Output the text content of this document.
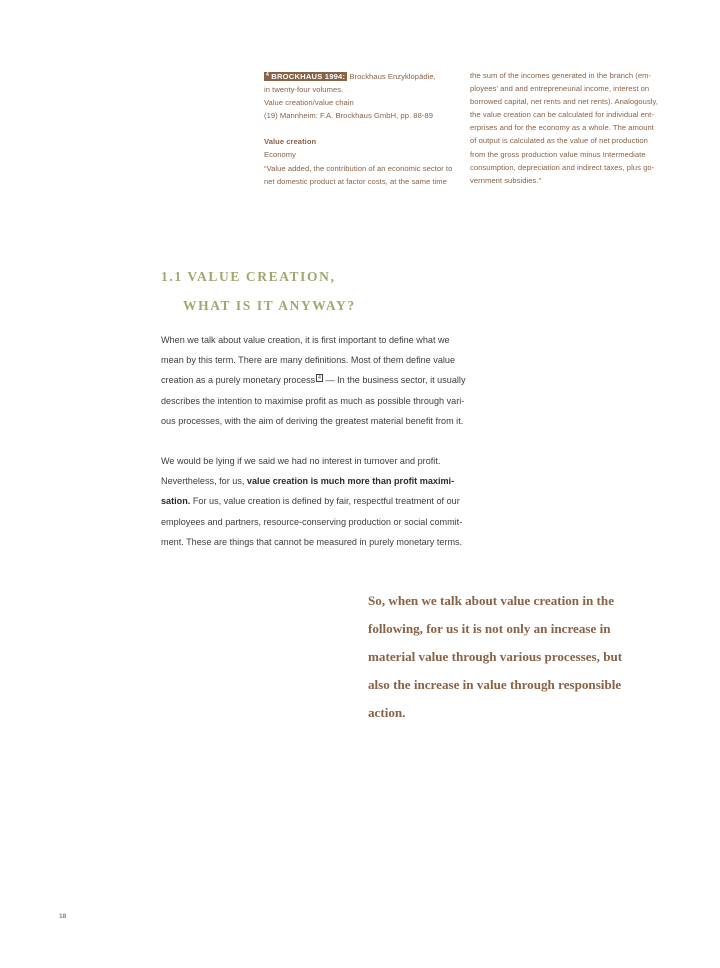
$^4$ BROCKHAUS 1994: Brockhaus Enzyklopädie,
in twenty-four volumes.
Value creation/value chain
(19) Mannheim: F.A. Brockhaus GmbH, pp. 88-89
Value creation
Economy
“Value added, the contribution of an economic sector to
net domestic product at factor costs, at the same time
the sum of the incomes generated in the branch (em-
ployees’ and and entrepreneurial income, interest on
borrowed capital, net rents and net rents). Analogously,
the value creation can be calculated for individual ent-
erprises and for the economy as a whole. The amount
of output is calculated as the value of net production
from the gross production value minus Intermediate
consumption, depreciation and indirect taxes, plus go-
vernment subsidies.”
1.1 VALUE CREATION,
WHAT IS IT ANYWAY?
When we talk about value creation, it is first important to define what we
mean by this term. There are many definitions. Most of them define value
creation as a purely monetary process 4 — In the business sector, it usually
describes the intention to maximise profit as much as possible through vari-
ous processes, with the aim of deriving the greatest material benefit from it.
We would be lying if we said we had no interest in turnover and profit.
Nevertheless, for us, value creation is much more than profit maximi-
sation. For us, value creation is defined by fair, respectful treatment of our
employees and partners, resource-conserving production or social commit-
ment. These are things that cannot be measured in purely monetary terms.
So, when we talk about value creation in the
following, for us it is not only an increase in
material value through various processes, but
also the increase in value through responsible
action.
18
